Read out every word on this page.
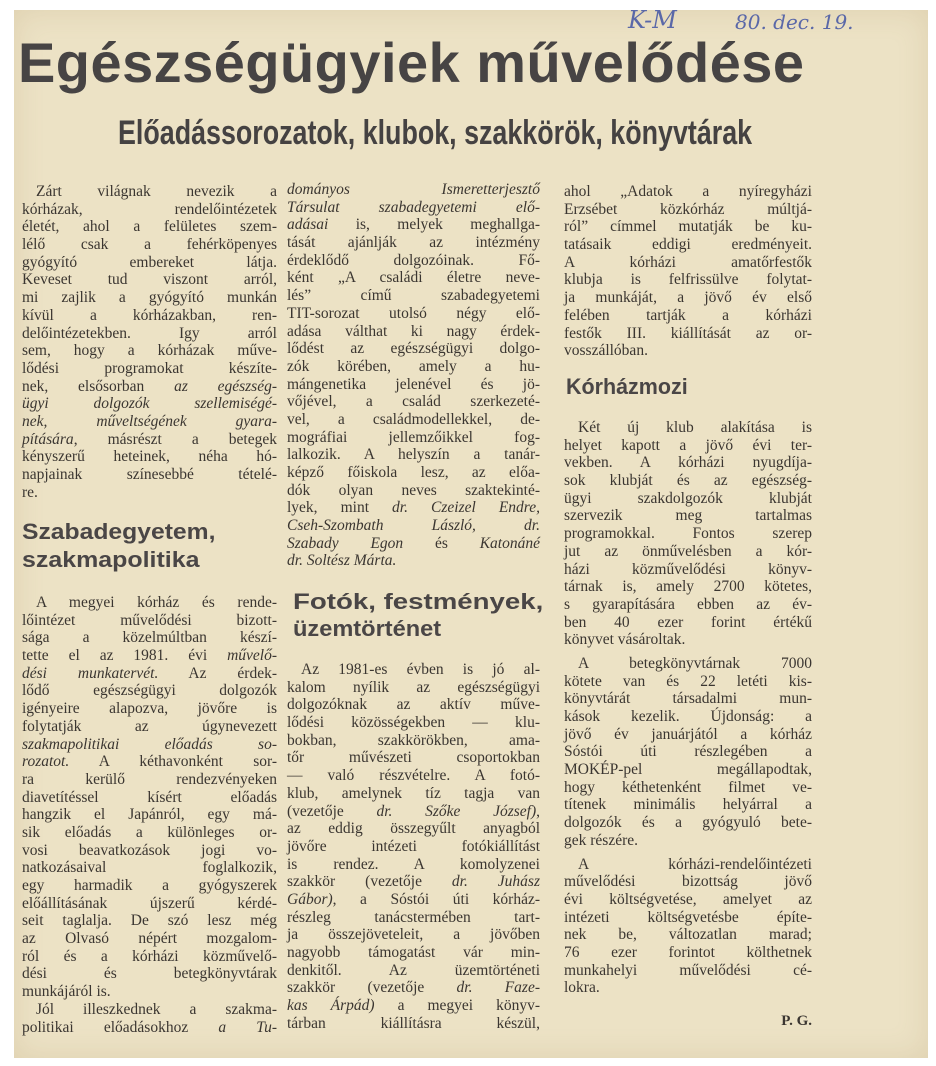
K-M	80. dec. 19.
Egészségügyiek művelődése
Előadássorozatok, klubok, szakkörök, könyvtárak
Zárt világnak nevezik a
kórházak, rendelőintézetek
életét, ahol a felületes szem-
lélő csak a fehérköpenyes
gyógyító embereket látja.
Keveset tud viszont arról,
mi zajlik a gyógyító munkán
kívül a kórházakban, ren-
delőintézetekben. Igy arról
sem, hogy a kórházak műve-
lődési programokat készíte-
nek, elsősorban az egészség-
ügyi dolgozók szellemiségé-
nek, műveltségének gyara-
pítására, másrészt a betegek
kényszerű heteinek, néha hó-
napjainak színesebbé tételé-
re.
Szabadegyetem,
szakmapolitika
A megyei kórház és rende-
lőintézet művelődési bizott-
sága a közelmúltban készí-
tette el az 1981. évi művelő-
dési munkatervét. Az érdek-
lődő egészségügyi dolgozók
igényeire alapozva, jövőre is
folytatják az úgynevezett
szakmapolitikai előadás so-
rozatot. A kéthavonként sor-
ra kerülő rendezvényeken
diavetítéssel kísért előadás
hangzik el Japánról, egy má-
sik előadás a különleges or-
vosi beavatkozások jogi vo-
natkozásaival foglalkozik,
egy harmadik a gyógyszerek
előállításának újszerű kérdé-
seit taglalja. De szó lesz még
az Olvasó népért mozgalom-
ról és a kórházi közművelő-
dési és betegkönyvtárak
munkájáról is.
Jól illeszkednek a szakma-
politikai előadásokhoz a Tu-
dományos Ismeretterjesztő
Társulat szabadegyetemi elő-
adásai is, melyek meghallga-
tását ajánlják az intézmény
érdeklődő dolgozóinak. Fő-
ként „A családi életre neve-
lés” című szabadegyetemi
TIT-sorozat utolsó négy elő-
adása válthat ki nagy érdek-
lődést az egészségügyi dolgo-
zók körében, amely a hu-
mángenetika jelenével és jö-
vőjével, a család szerkezeté-
vel, a családmodellekkel, de-
mográfiai jellemzőikkel fog-
lalkozik. A helyszín a tanár-
képző főiskola lesz, az előa-
dók olyan neves szaktekinté-
lyek, mint dr. Czeizel Endre,
Cseh-Szombath László, dr.
Szabady Egon és Katonáné
dr. Soltész Márta.
Fotók, festmények,
üzemtörténet
Az 1981-es évben is jó al-
kalom nyílik az egészségügyi
dolgozóknak az aktív műve-
lődési közösségekben — klu-
bokban, szakkörökben, ama-
tőr művészeti csoportokban
— való részvételre. A fotó-
klub, amelynek tíz tagja van
(vezetője dr. Szőke József),
az eddig összegyűlt anyagból
jövőre intézeti fotókiállítást
is rendez. A komolyzenei
szakkör (vezetője dr. Juhász
Gábor), a Sóstói úti kórház-
részleg tanácstermében tart-
ja összejöveteleit, a jövőben
nagyobb támogatást vár min-
denkitől. Az üzemtörténeti
szakkör (vezetője dr. Faze-
kas Árpád) a megyei könyv-
tárban kiállításra készül,
ahol „Adatok a nyíregyházi
Erzsébet közkórház múltjá-
ról” címmel mutatják be ku-
tatásaik eddigi eredményeit.
A kórházi amatőrfestők
klubja is felfrissülve folytat-
ja munkáját, a jövő év első
felében tartják a kórházi
festők III. kiállítását az or-
vosszállóban.
Kórházmozi
Két új klub alakítása is
helyet kapott a jövő évi ter-
vekben. A kórházi nyugdíja-
sok klubját és az egészség-
ügyi szakdolgozók klubját
szervezik meg tartalmas
programokkal. Fontos szerep
jut az önművelésben a kór-
házi közművelődési könyv-
tárnak is, amely 2700 kötetes,
s gyarapítására ebben az év-
ben 40 ezer forint értékű
könyvet vásároltak.
A betegkönyvtárnak 7000
kötete van és 22 letéti kis-
könyvtárát társadalmi mun-
kások kezelik. Újdonság: a
jövő év januárjától a kórház
Sóstói úti részlegében a
MOKÉP-pel megállapodtak,
hogy kéthetenként filmet ve-
títenek minimális helyárral a
dolgozók és a gyógyuló bete-
gek részére.
A kórházi-rendelőintézeti
művelődési bizottság jövő
évi költségvetése, amelyet az
intézeti költségvetésbe építe-
nek be, változatlan marad;
76 ezer forintot költhetnek
munkahelyi művelődési cé-
lokra.
P. G.
